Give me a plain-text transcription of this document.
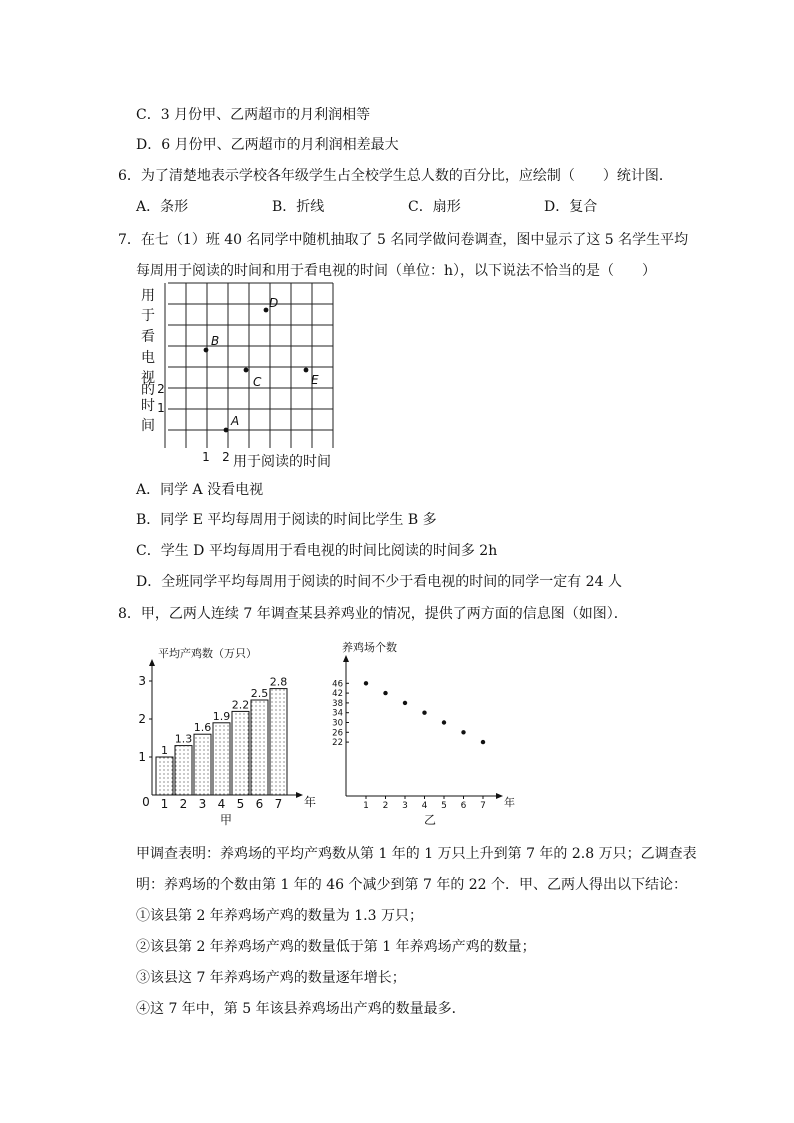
C．3 月份甲、乙两超市的月利润相等
D．6 月份甲、乙两超市的月利润相差最大
6．为了清楚地表示学校各年级学生占全校学生总人数的百分比，应绘制（　　）统计图．
A．条形	B．折线	C．扇形	D．复合
7．在七（1）班 40 名同学中随机抽取了 5 名同学做问卷调查，图中显示了这 5 名学生平均
每周用于阅读的时间和用于看电视的时间（单位：h），以下说法不恰当的是（　　）
用
于
看
电
视
时
间
的 2
1
1 2 用于阅读的时间
A
B
C
D
E
A．同学 A 没看电视
B．同学 E 平均每周用于阅读的时间比学生 B 多
C．学生 D 平均每周用于看电视的时间比阅读的时间多 2h
D．全班同学平均每周用于阅读的时间不少于看电视的时间的同学一定有 24 人
8．甲，乙两人连续 7 年调查某县养鸡业的情况，提供了两方面的信息图（如图）．
平均产鸡数（万只）
甲
0	年
1
2
3
1
1
1.3
2
1.6
3
1.9
4
2.2
5
2.5
6
2.8
7
养鸡场个数
乙
年
22
26
30
34
38
42
46
1 2 3 4 5 6 7
甲调查表明：养鸡场的平均产鸡数从第 1 年的 1 万只上升到第 7 年的 2.8 万只；乙调查表
明：养鸡场的个数由第 1 年的 46 个减少到第 7 年的 22 个．甲、乙两人得出以下结论：
①该县第 2 年养鸡场产鸡的数量为 1.3 万只；
②该县第 2 年养鸡场产鸡的数量低于第 1 年养鸡场产鸡的数量；
③该县这 7 年养鸡场产鸡的数量逐年增长；
④这 7 年中，第 5 年该县养鸡场出产鸡的数量最多．
